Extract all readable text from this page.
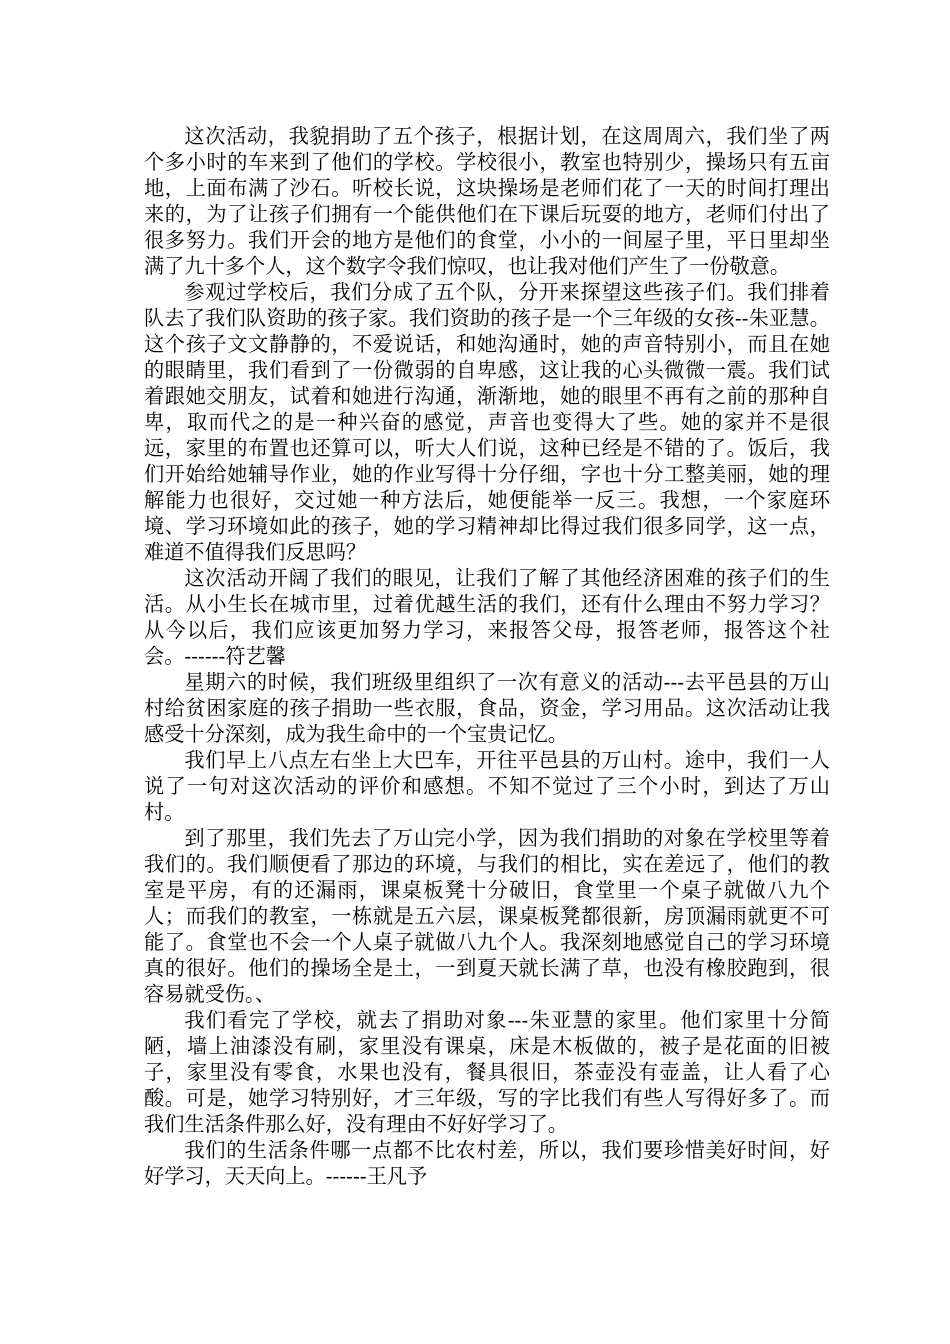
这次活动，我貌捐助了五个孩子，根据计划，在这周周六，我们坐了两个多小时的车来到了他们的学校。学校很小，教室也特别少，操场只有五亩地，上面布满了沙石。听校长说，这块操场是老师们花了一天的时间打理出来的，为了让孩子们拥有一个能供他们在下课后玩耍的地方，老师们付出了很多努力。我们开会的地方是他们的食堂，小小的一间屋子里，平日里却坐满了九十多个人，这个数字令我们惊叹，也让我对他们产生了一份敬意。

参观过学校后，我们分成了五个队，分开来探望这些孩子们。我们排着队去了我们队资助的孩子家。我们资助的孩子是一个三年级的女孩--朱亚慧。这个孩子文文静静的，不爱说话，和她沟通时，她的声音特别小，而且在她的眼睛里，我们看到了一份微弱的自卑感，这让我的心头微微一震。我们试着跟她交朋友，试着和她进行沟通，渐渐地，她的眼里不再有之前的那种自卑，取而代之的是一种兴奋的感觉，声音也变得大了些。她的家并不是很远，家里的布置也还算可以，听大人们说，这种已经是不错的了。饭后，我们开始给她辅导作业，她的作业写得十分仔细，字也十分工整美丽，她的理解能力也很好，交过她一种方法后，她便能举一反三。我想，一个家庭环境、学习环境如此的孩子，她的学习精神却比得过我们很多同学，这一点，难道不值得我们反思吗？

这次活动开阔了我们的眼见，让我们了解了其他经济困难的孩子们的生活。从小生长在城市里，过着优越生活的我们，还有什么理由不努力学习？从今以后，我们应该更加努力学习，来报答父母，报答老师，报答这个社会。------符艺馨

星期六的时候，我们班级里组织了一次有意义的活动---去平邑县的万山村给贫困家庭的孩子捐助一些衣服，食品，资金，学习用品。这次活动让我感受十分深刻，成为我生命中的一个宝贵记忆。

我们早上八点左右坐上大巴车，开往平邑县的万山村。途中，我们一人说了一句对这次活动的评价和感想。不知不觉过了三个小时，到达了万山村。

到了那里，我们先去了万山完小学，因为我们捐助的对象在学校里等着我们的。我们顺便看了那边的环境，与我们的相比，实在差远了，他们的教室是平房，有的还漏雨，课桌板凳十分破旧，食堂里一个桌子就做八九个人；而我们的教室，一栋就是五六层，课桌板凳都很新，房顶漏雨就更不可能了。食堂也不会一个人桌子就做八九个人。我深刻地感觉自己的学习环境真的很好。他们的操场全是土，一到夏天就长满了草，也没有橡胶跑到，很容易就受伤。、

我们看完了学校，就去了捐助对象---朱亚慧的家里。他们家里十分简陋，墙上油漆没有刷，家里没有课桌，床是木板做的，被子是花面的旧被子，家里没有零食，水果也没有，餐具很旧，茶壶没有壶盖，让人看了心酸。可是，她学习特别好，才三年级，写的字比我们有些人写得好多了。而我们生活条件那么好，没有理由不好好学习了。

我们的生活条件哪一点都不比农村差，所以，我们要珍惜美好时间，好好学习，天天向上。------王凡予
